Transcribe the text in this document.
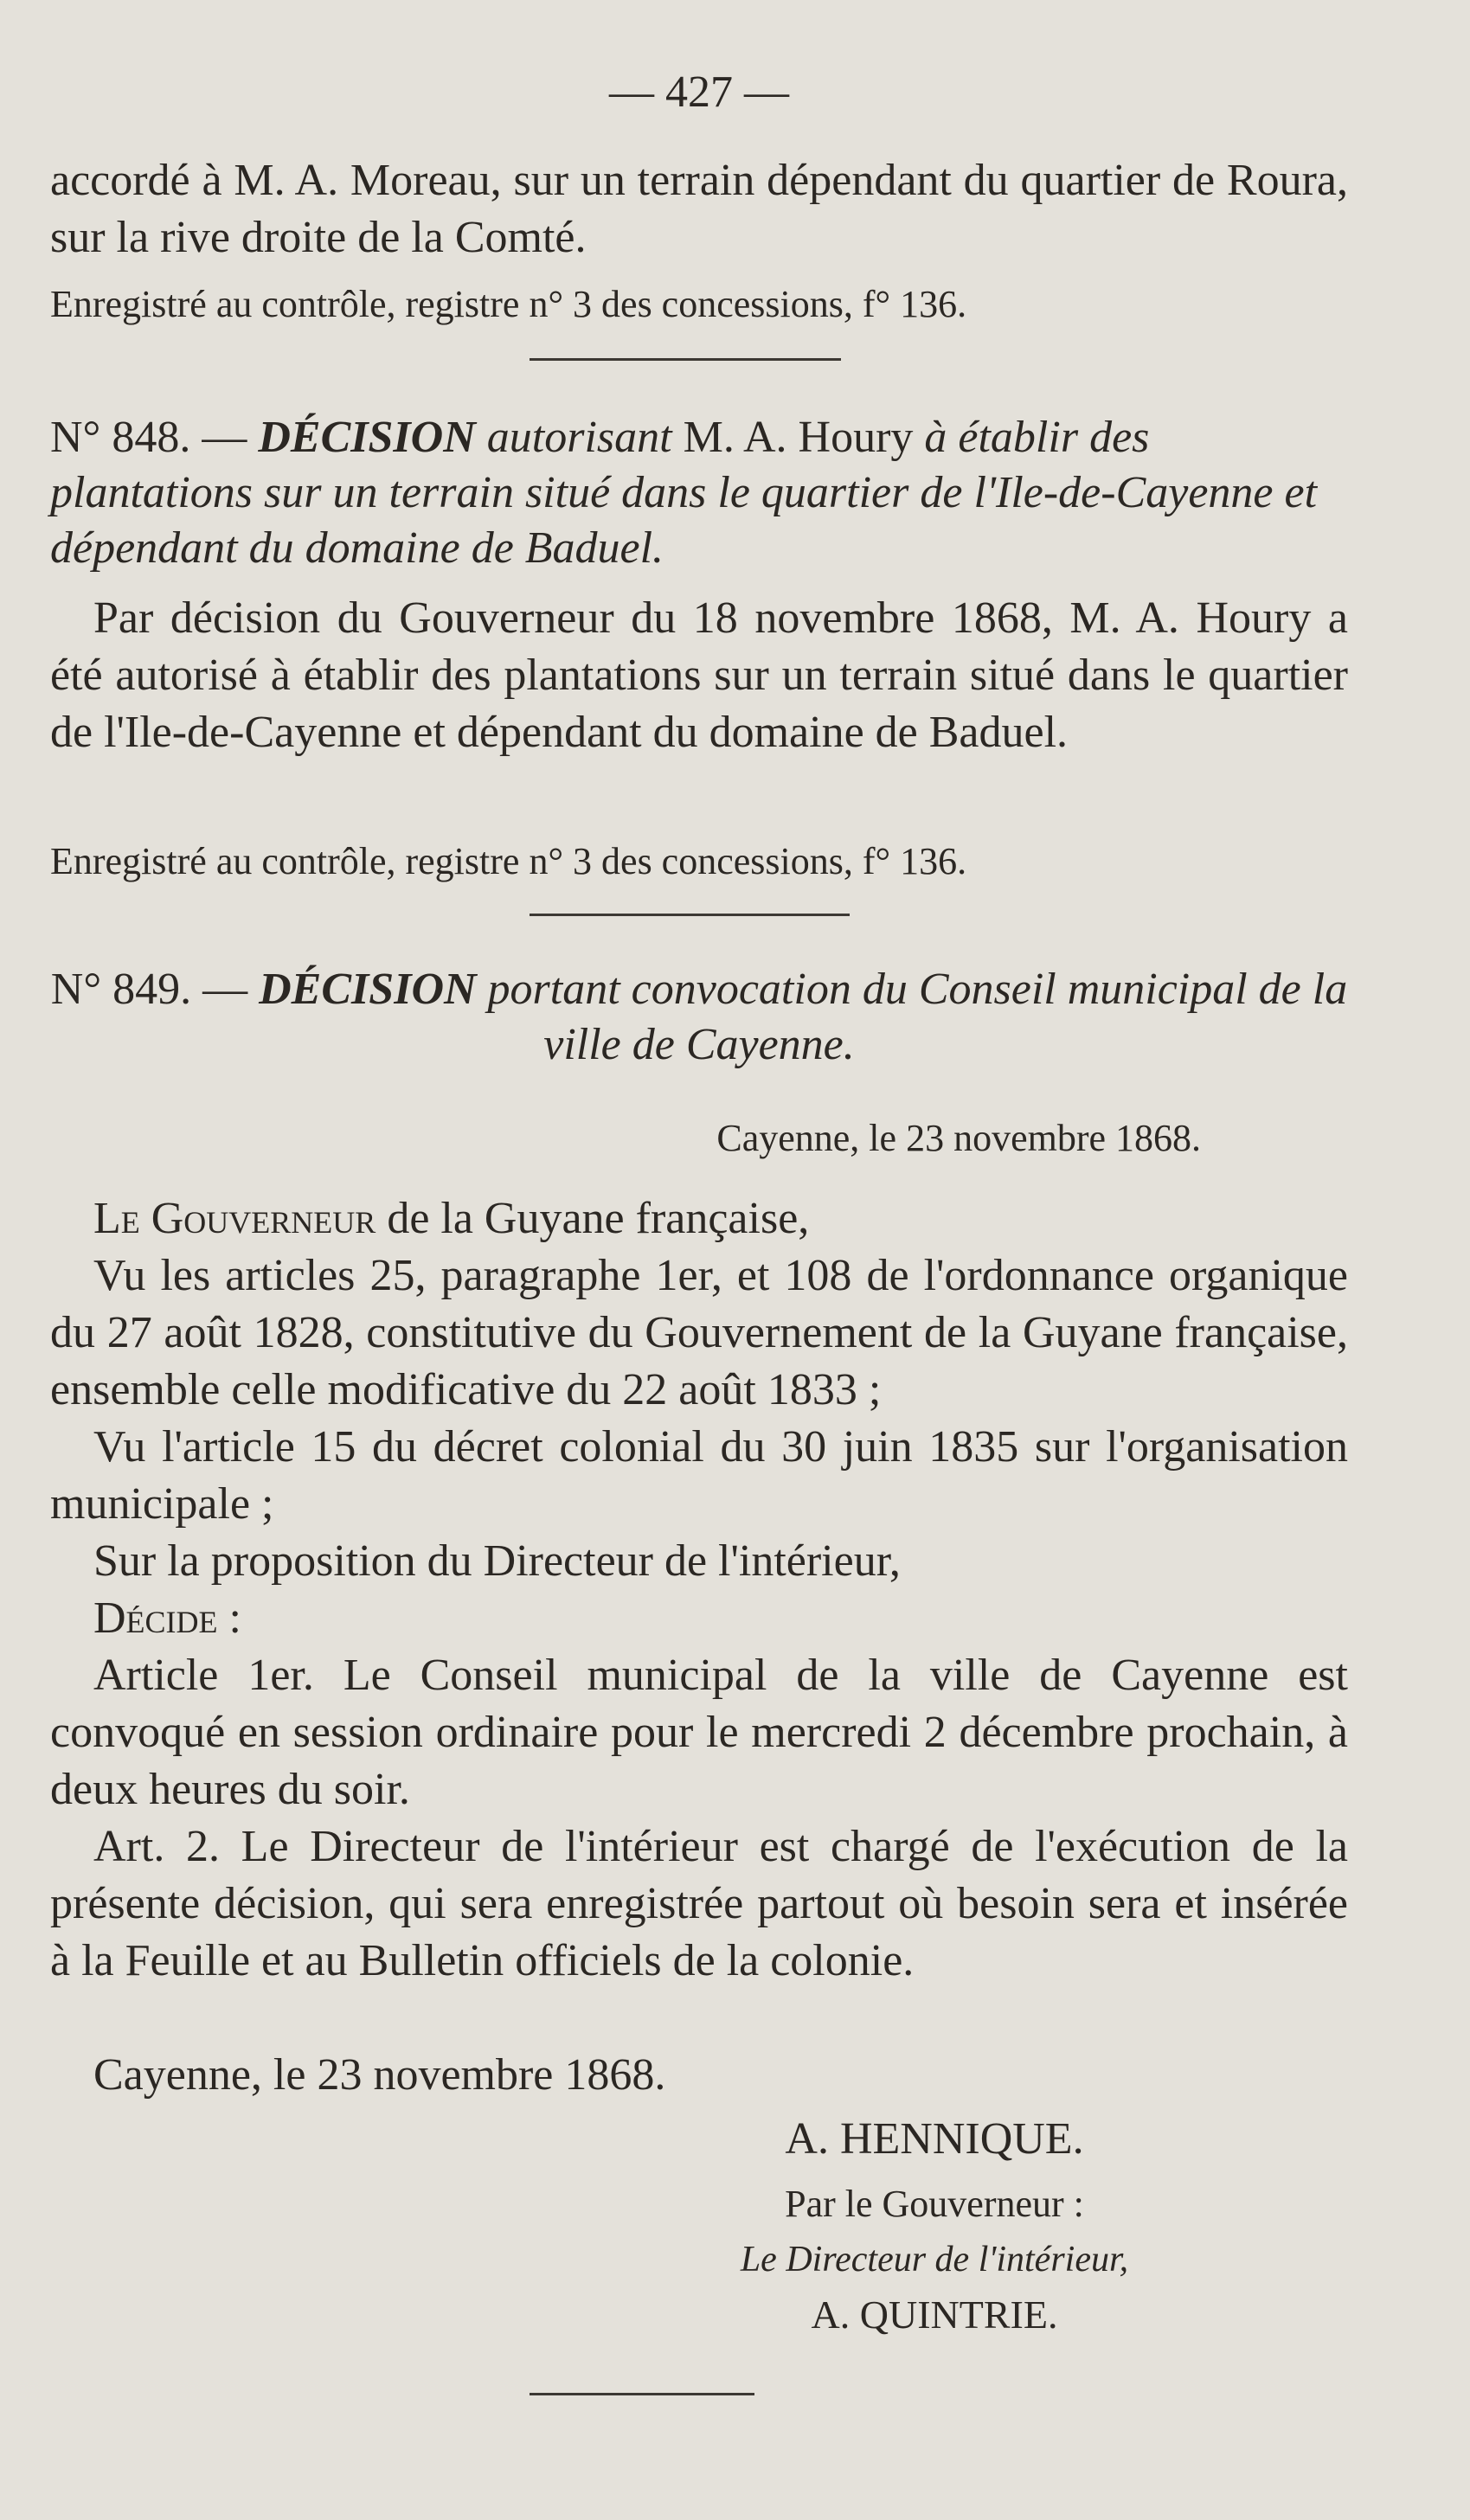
— 427 —

accordé à M. A. Moreau, sur un terrain dépendant du quartier de Roura, sur la rive droite de la Comté.

Enregistré au contrôle, registre n° 3 des concessions, f° 136.

N° 848. — DÉCISION autorisant M. A. Houry à établir des plantations sur un terrain situé dans le quartier de l'Ile-de-Cayenne et dépendant du domaine de Baduel.

Par décision du Gouverneur du 18 novembre 1868, M. A. Houry a été autorisé à établir des plantations sur un terrain situé dans le quartier de l'Ile-de-Cayenne et dépendant du domaine de Baduel.

Enregistré au contrôle, registre n° 3 des concessions, f° 136.

N° 849. — DÉCISION portant convocation du Conseil municipal de la ville de Cayenne.

Cayenne, le 23 novembre 1868.

Le Gouverneur de la Guyane française,

Vu les articles 25, paragraphe 1er, et 108 de l'ordonnance organique du 27 août 1828, constitutive du Gouvernement de la Guyane française, ensemble celle modificative du 22 août 1833 ;

Vu l'article 15 du décret colonial du 30 juin 1835 sur l'organisation municipale ;

Sur la proposition du Directeur de l'intérieur,

Décide :

Article 1er. Le Conseil municipal de la ville de Cayenne est convoqué en session ordinaire pour le mercredi 2 décembre prochain, à deux heures du soir.

Art. 2. Le Directeur de l'intérieur est chargé de l'exécution de la présente décision, qui sera enregistrée partout où besoin sera et insérée à la Feuille et au Bulletin officiels de la colonie.

Cayenne, le 23 novembre 1868.

A. HENNIQUE.
Par le Gouverneur :
Le Directeur de l'intérieur,
A. QUINTRIE.
